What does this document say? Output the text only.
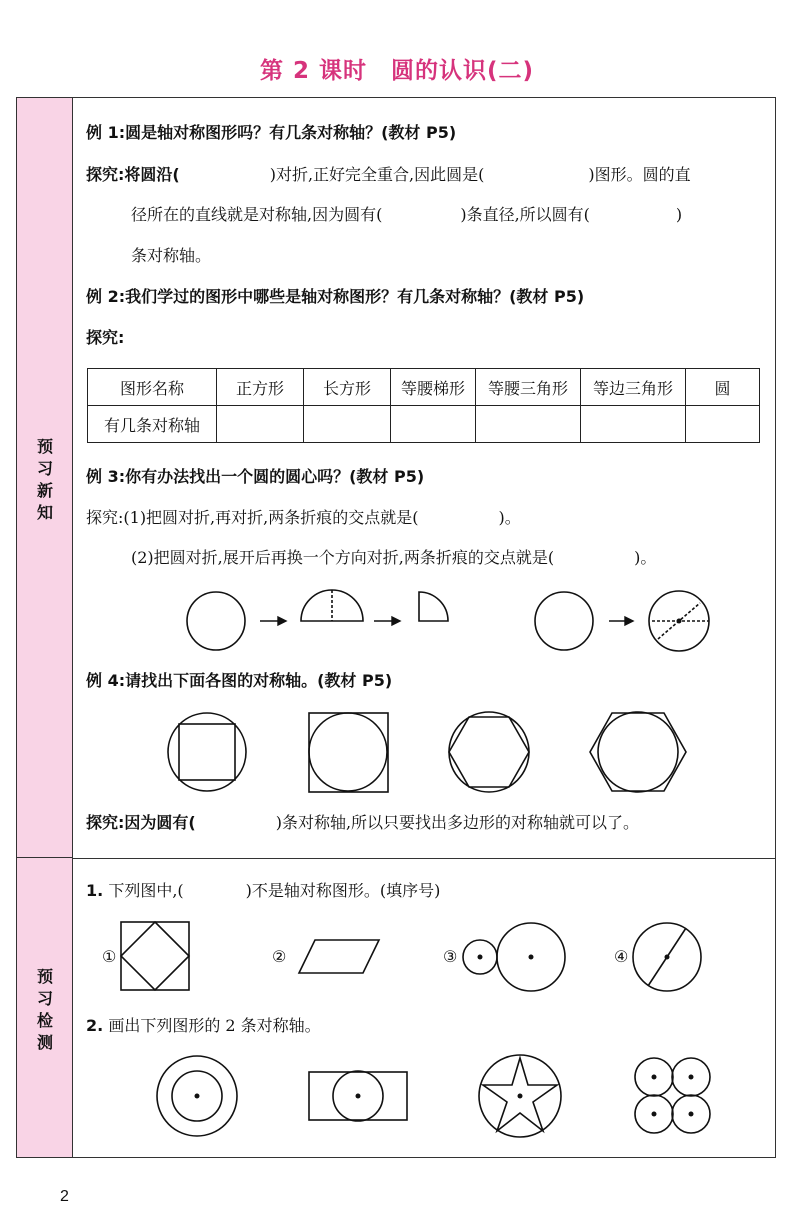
第 2 课时　圆的认识(二)
预习新知
预习检测
例 1:圆是轴对称图形吗？有几条对称轴？(教材 P5)
探究:将圆沿(	)对折,正好完全重合,因此圆是(	)图形。圆的直
径所在的直线就是对称轴,因为圆有(	)条直径,所以圆有(	)
条对称轴。
例 2:我们学过的图形中哪些是轴对称图形？有几条对称轴？(教材 P5)
探究:
图形名称	正方形	长方形	等腰梯形	等腰三角形	等边三角形	圆
有几条对称轴						
例 3:你有办法找出一个圆的圆心吗？(教材 P5)
探究:(1)把圆对折,再对折,两条折痕的交点就是(	)。
(2)把圆对折,展开后再换一个方向对折,两条折痕的交点就是(	)。
例 4:请找出下面各图的对称轴。(教材 P5)
探究:因为圆有(	)条对称轴,所以只要找出多边形的对称轴就可以了。
1. 下列图中,(	)不是轴对称图形。(填序号)
①	②	③	④
2. 画出下列图形的 2 条对称轴。
2
